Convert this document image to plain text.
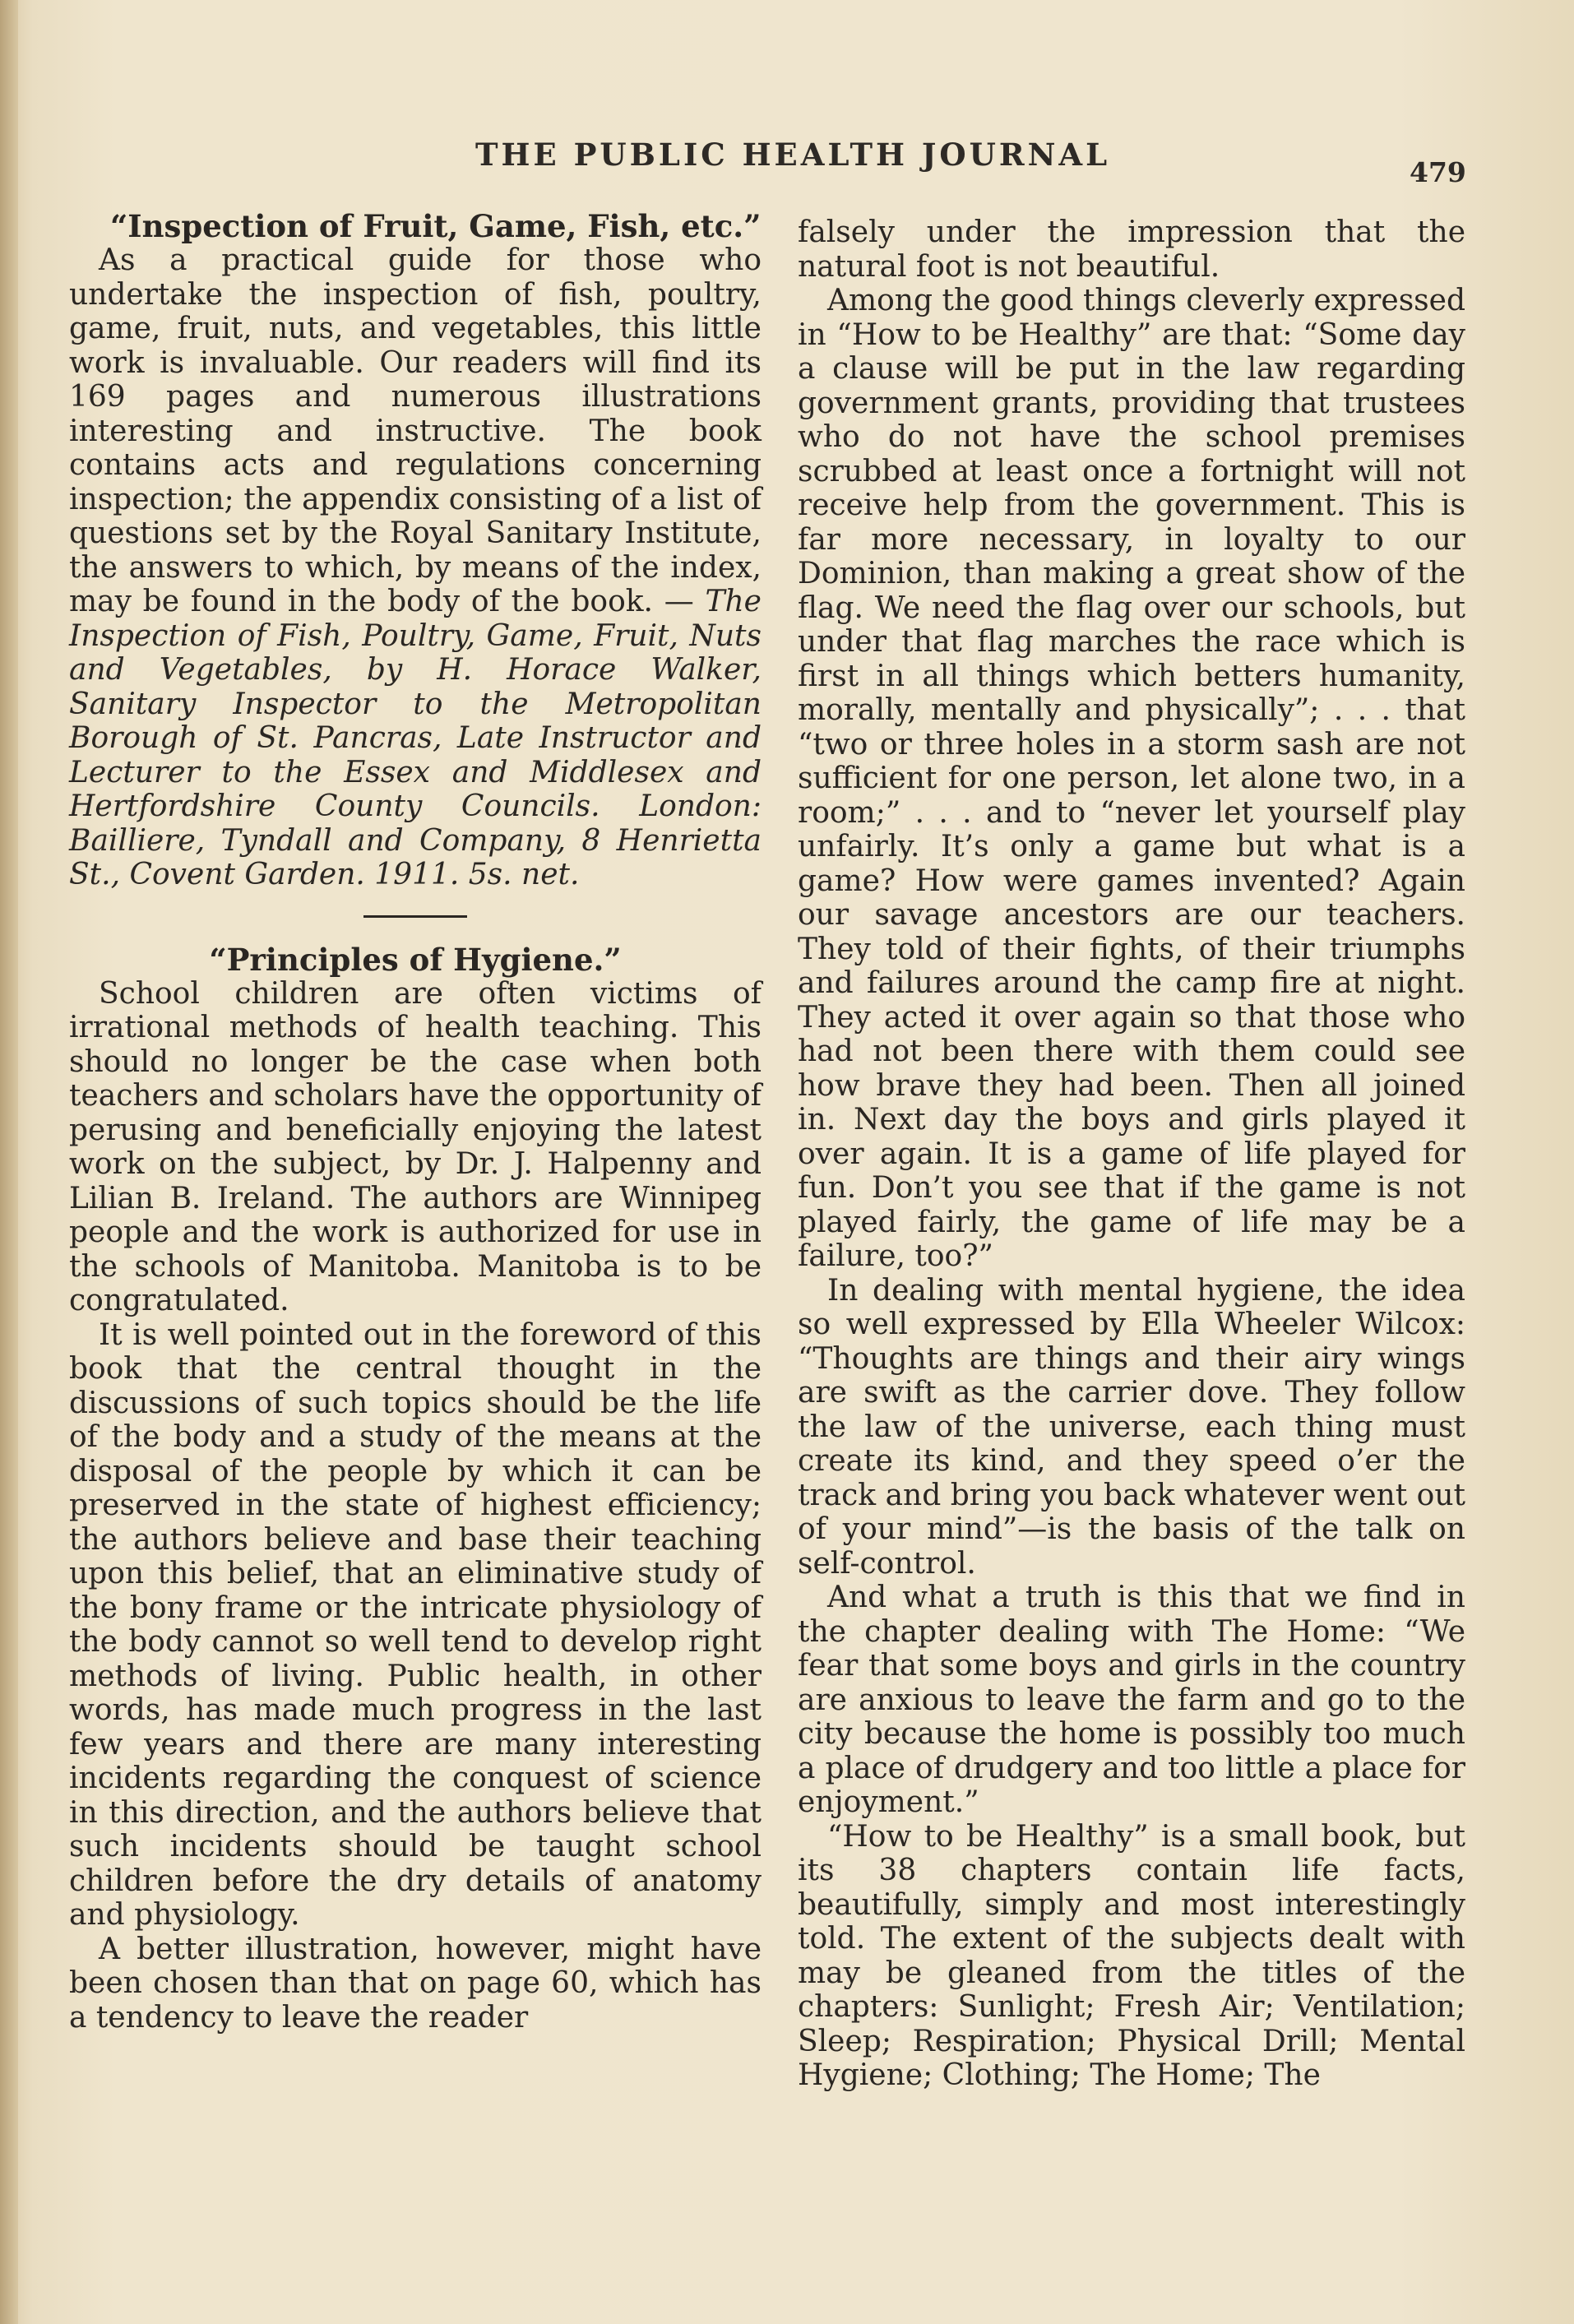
THE PUBLIC HEALTH JOURNAL	479
“Inspection of Fruit, Game, Fish, etc.”

As a practical guide for those who undertake the inspection of fish, poultry, game, fruit, nuts, and vegetables, this little work is invaluable. Our readers will find its 169 pages and numerous illustrations interesting and instructive. The book contains acts and regulations concerning inspection; the appendix consisting of a list of questions set by the Royal Sanitary Institute, the answers to which, by means of the index, may be found in the body of the book. — The Inspection of Fish, Poultry, Game, Fruit, Nuts and Vegetables, by H. Horace Walker, Sanitary Inspector to the Metropolitan Borough of St. Pancras, Late Instructor and Lecturer to the Essex and Middlesex and Hertfordshire County Councils. London: Bailliere, Tyndall and Company, 8 Henrietta St., Covent Garden. 1911. 5s. net.

“Principles of Hygiene.”

School children are often victims of irrational methods of health teaching. This should no longer be the case when both teachers and scholars have the opportunity of perusing and beneficially enjoying the latest work on the subject, by Dr. J. Halpenny and Lilian B. Ireland. The authors are Winnipeg people and the work is authorized for use in the schools of Manitoba. Manitoba is to be congratulated.

It is well pointed out in the foreword of this book that the central thought in the discussions of such topics should be the life of the body and a study of the means at the disposal of the people by which it can be preserved in the state of highest efficiency; the authors believe and base their teaching upon this belief, that an eliminative study of the bony frame or the intricate physiology of the body cannot so well tend to develop right methods of living. Public health, in other words, has made much progress in the last few years and there are many interesting incidents regarding the conquest of science in this direction, and the authors believe that such incidents should be taught school children before the dry details of anatomy and physiology.

A better illustration, however, might have been chosen than that on page 60, which has a tendency to leave the reader

falsely under the impression that the natural foot is not beautiful.

Among the good things cleverly expressed in “How to be Healthy” are that: “Some day a clause will be put in the law regarding government grants, providing that trustees who do not have the school premises scrubbed at least once a fortnight will not receive help from the government. This is far more necessary, in loyalty to our Dominion, than making a great show of the flag. We need the flag over our schools, but under that flag marches the race which is first in all things which betters humanity, morally, mentally and physically”; . . . that “two or three holes in a storm sash are not sufficient for one person, let alone two, in a room;” . . . and to “never let yourself play unfairly. It’s only a game but what is a game? How were games invented? Again our savage ancestors are our teachers. They told of their fights, of their triumphs and failures around the camp fire at night. They acted it over again so that those who had not been there with them could see how brave they had been. Then all joined in. Next day the boys and girls played it over again. It is a game of life played for fun. Don’t you see that if the game is not played fairly, the game of life may be a failure, too?”

In dealing with mental hygiene, the idea so well expressed by Ella Wheeler Wilcox: “Thoughts are things and their airy wings are swift as the carrier dove. They follow the law of the universe, each thing must create its kind, and they speed o’er the track and bring you back whatever went out of your mind”—is the basis of the talk on self-control.

And what a truth is this that we find in the chapter dealing with The Home: “We fear that some boys and girls in the country are anxious to leave the farm and go to the city because the home is possibly too much a place of drudgery and too little a place for enjoyment.”

“How to be Healthy” is a small book, but its 38 chapters contain life facts, beautifully, simply and most interestingly told. The extent of the subjects dealt with may be gleaned from the titles of the chapters: Sunlight; Fresh Air; Ventilation; Sleep; Respiration; Physical Drill; Mental Hygiene; Clothing; The Home; The
